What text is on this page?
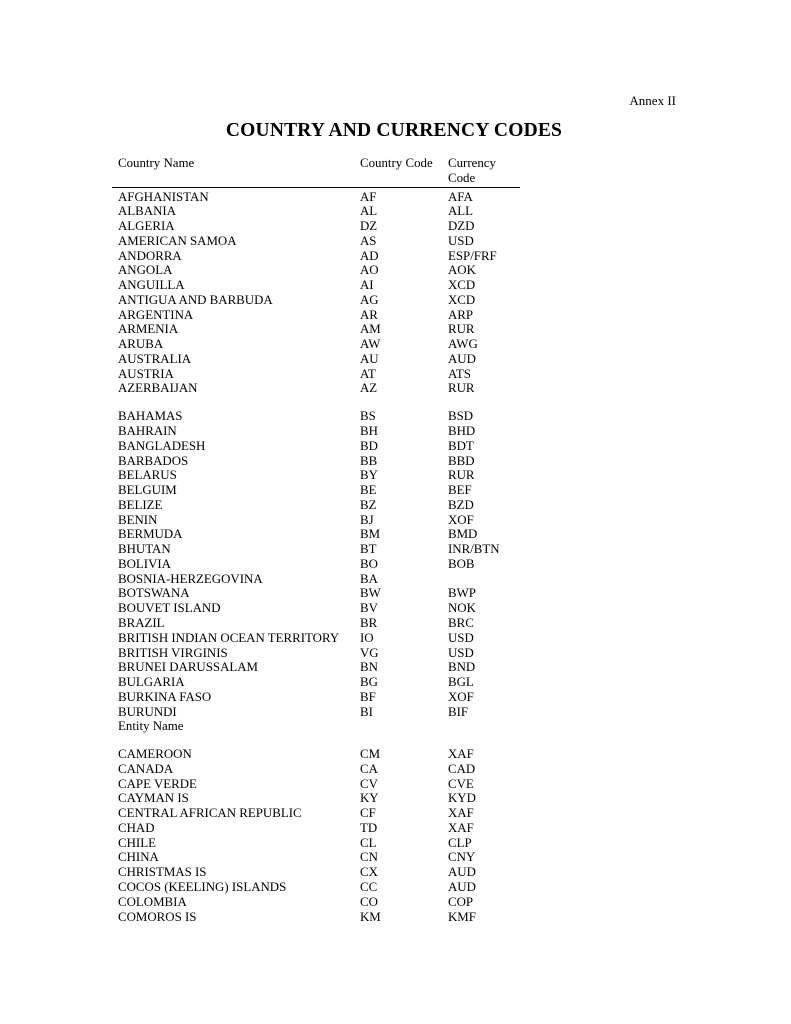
Annex II
COUNTRY AND CURRENCY CODES
Country Name	Country Code	Currency
Code
AFGHANISTAN	AF	AFA
ALBANIA	AL	ALL
ALGERIA	DZ	DZD
AMERICAN SAMOA	AS	USD
ANDORRA	AD	ESP/FRF
ANGOLA	AO	AOK
ANGUILLA	AI	XCD
ANTIGUA AND BARBUDA	AG	XCD
ARGENTINA	AR	ARP
ARMENIA	AM	RUR
ARUBA	AW	AWG
AUSTRALIA	AU	AUD
AUSTRIA	AT	ATS
AZERBAIJAN	AZ	RUR
BAHAMAS	BS	BSD
BAHRAIN	BH	BHD
BANGLADESH	BD	BDT
BARBADOS	BB	BBD
BELARUS	BY	RUR
BELGUIM	BE	BEF
BELIZE	BZ	BZD
BENIN	BJ	XOF
BERMUDA	BM	BMD
BHUTAN	BT	INR/BTN
BOLIVIA	BO	BOB
BOSNIA-HERZEGOVINA	BA

BOTSWANA	BW	BWP
BOUVET ISLAND	BV	NOK
BRAZIL	BR	BRC
BRITISH INDIAN OCEAN TERRITORY	IO	USD
BRITISH VIRGINIS	VG	USD
BRUNEI DARUSSALAM	BN	BND
BULGARIA	BG	BGL
BURKINA FASO	BF	XOF
BURUNDI	BI	BIF
Entity Name

CAMEROON	CM	XAF
CANADA	CA	CAD
CAPE VERDE	CV	CVE
CAYMAN IS	KY	KYD
CENTRAL AFRICAN REPUBLIC	CF	XAF
CHAD	TD	XAF
CHILE	CL	CLP
CHINA	CN	CNY
CHRISTMAS IS	CX	AUD
COCOS (KEELING) ISLANDS	CC	AUD
COLOMBIA	CO	COP
COMOROS IS	KM	KMF
